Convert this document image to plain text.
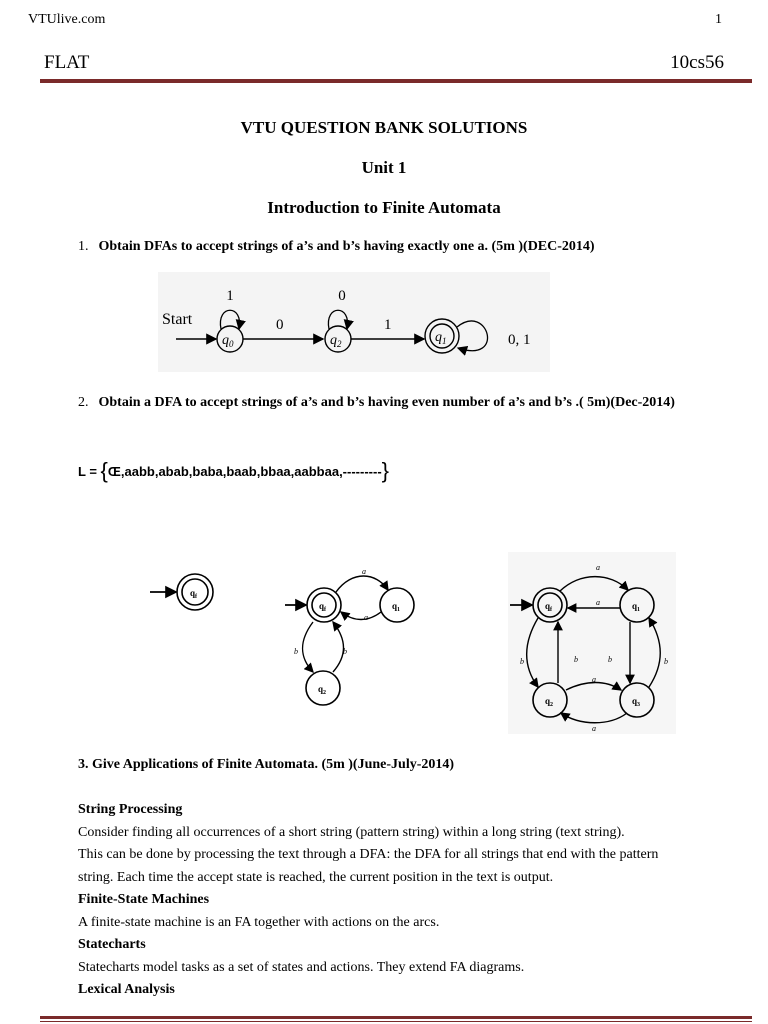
VTUlive.com	1
FLAT	10cs56
VTU QUESTION BANK SOLUTIONS
Unit 1
Introduction to Finite Automata
1. Obtain DFAs to accept strings of a’s and b’s having exactly one a. (5m )(DEC-2014)
Start
$q_0$
1
0
$q_2$
0
1
$q_1$	0, 1
2. Obtain a DFA to accept strings of a’s and b’s having even number of a’s and b’s .( 5m)(Dec-2014)
L = {Œ,aabb,abab,baba,baab,bbaa,aabbaa,---------}
$q_f$
$q_f$	$q_1$
a
a
$q_2$
b	b
$q_f$	$q_1$
$q_2$	$q_3$
a
a
b	b	b	b
a
a
3. Give Applications of Finite Automata. (5m )(June-July-2014)
String Processing
Consider finding all occurrences of a short string (pattern string) within a long string (text string).
This can be done by processing the text through a DFA: the DFA for all strings that end with the pattern
string. Each time the accept state is reached, the current position in the text is output.
Finite-State Machines
A finite-state machine is an FA together with actions on the arcs.
Statecharts
Statecharts model tasks as a set of states and actions. They extend FA diagrams.
Lexical Analysis
